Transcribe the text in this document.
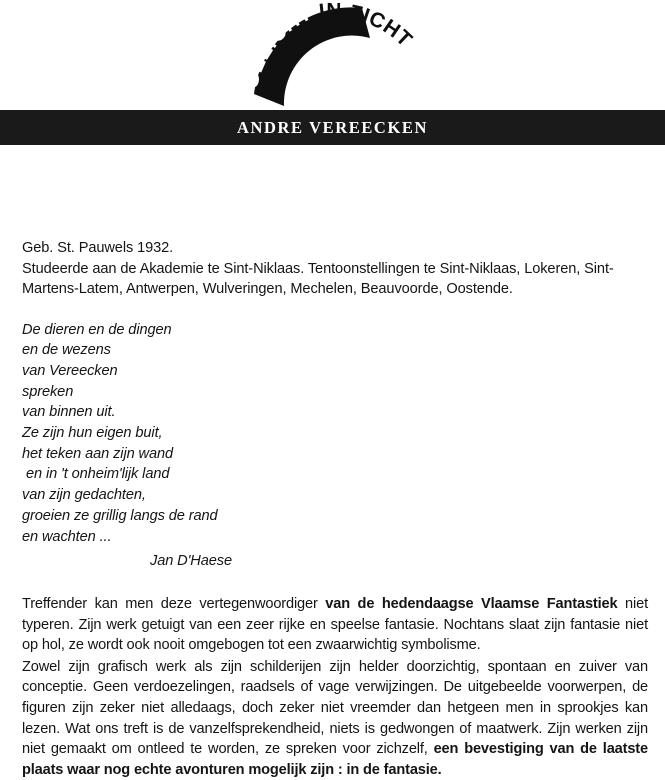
GEZICHT IN ZICHT
ANDRE VEREECKEN

Geb. St. Pauwels 1932.

Studeerde aan de Akademie te Sint-Niklaas. Tentoonstellingen te Sint-Niklaas, Lokeren, Sint-Martens-Latem, Antwerpen, Wulveringen, Mechelen, Beauvoorde, Oostende.

De dieren en de dingen
en de wezens
van Vereecken
spreken
van binnen uit.
Ze zijn hun eigen buit,
het teken aan zijn wand
en in 't onheim'lijk land
van zijn gedachten,
groeien ze grillig langs de rand
en wachten ...
Jan D'Haese

Treffender kan men deze vertegenwoordiger van de hedendaagse Vlaamse Fantastiek niet typeren. Zijn werk getuigt van een zeer rijke en speelse fantasie. Nochtans slaat zijn fantasie niet op hol, ze wordt ook nooit omgebogen tot een zwaarwichtig symbolisme.

Zowel zijn grafisch werk als zijn schilderijen zijn helder doorzichtig, spontaan en zuiver van conceptie. Geen verdoezelingen, raadsels of vage verwijzingen. De uitgebeelde voorwerpen, de figuren zijn zeker niet alledaags, doch zeker niet vreemder dan hetgeen men in sprookjes kan lezen. Wat ons treft is de vanzelfsprekendheid, niets is gedwongen of maatwerk. Zijn werken zijn niet gemaakt om ontleed te worden, ze spreken voor zichzelf, een bevestiging van de laatste plaats waar nog echte avonturen mogelijk zijn : in de fantasie.
